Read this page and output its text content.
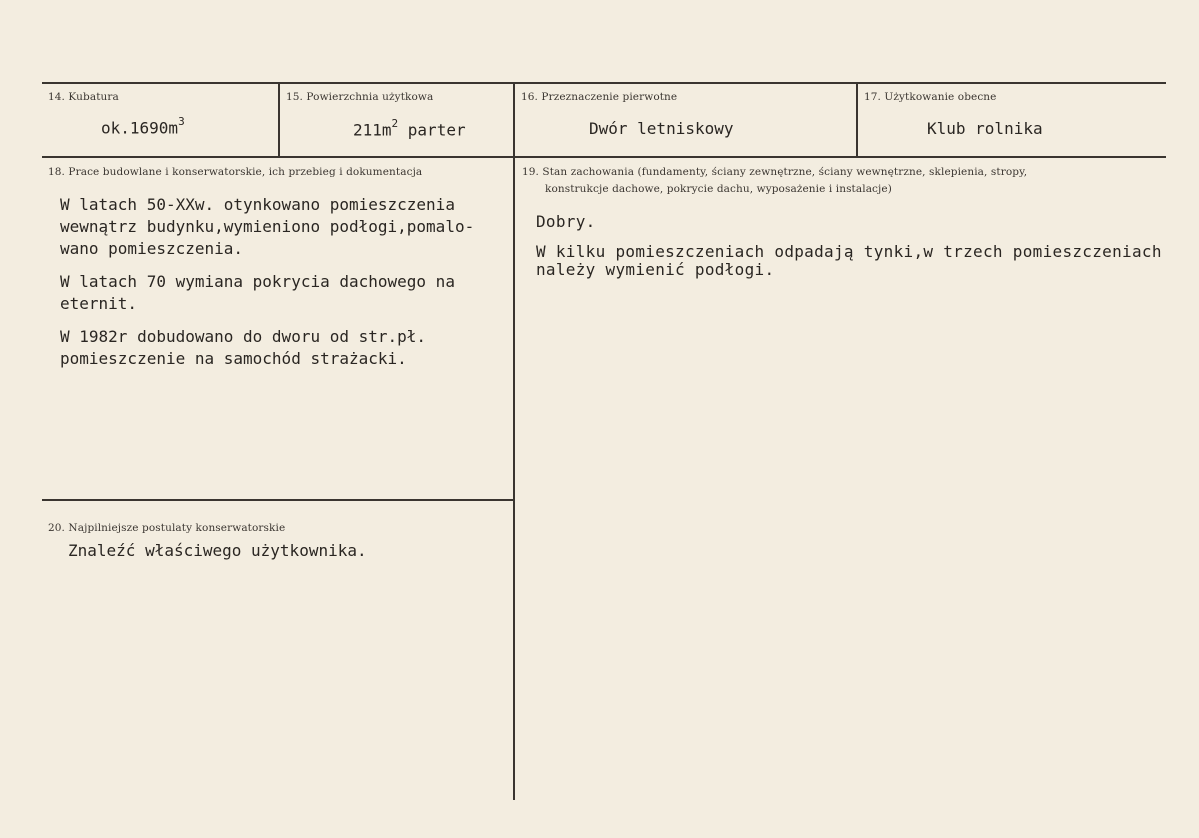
14. Kubatura
$ok.1690m^3$
15. Powierzchnia użytkowa
$211m^2$ parter
16. Przeznaczenie pierwotne
Dwór letniskowy
17. Użytkowanie obecne
Klub rolnika
18. Prace budowlane i konserwatorskie, ich przebieg i dokumentacja

W latach 50-XXw. otynkowano pomieszczenia
wewnątrz budynku,wymieniono podłogi,pomalo-
wano pomieszczenia.

W latach 70 wymiana pokrycia dachowego na
eternit.

W 1982r dobudowano do dworu od str.pł.
pomieszczenie na samochód strażacki.

19. Stan zachowania (fundamenty, ściany zewnętrzne, ściany wewnętrzne, sklepienia, stropy,
konstrukcje dachowe, pokrycie dachu, wyposażenie i instalacje)

Dobry.

W kilku pomieszczeniach odpadają tynki,w trzech pomieszczeniach
należy wymienić podłogi.

20. Najpilniejsze postulaty konserwatorskie
Znaleźć właściwego użytkownika.
